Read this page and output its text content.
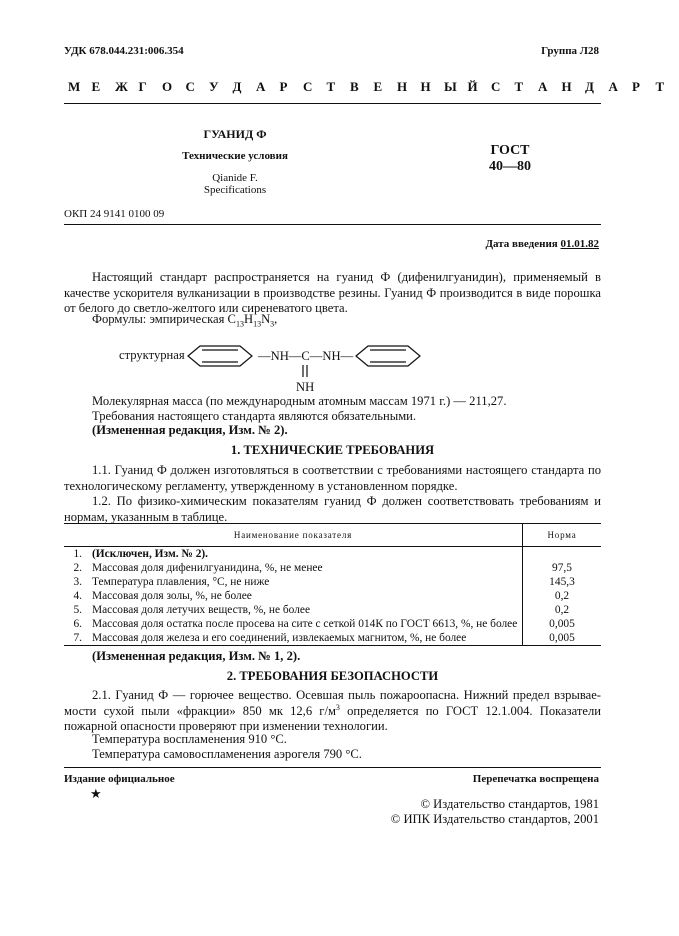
УДК 678.044.231:006.354	Группа Л28
М Е	Ж Г	О	С	У	Д	А	Р	С	Т	В	Е	Н	Н	Ы Й	С	Т	А	Н	Д	А	Р	Т
ГУАНИД Ф
Технические условия
Qianide F.
Specifications
ГОСТ
40—80
ОКП 24 9141 0100 09
Дата введения 01.01.82

Настоящий стандарт распространяется на гуанид Ф (дифенилгуанидин), применяемый в качестве ускорителя вулканизации в производстве резины. Гуанид Ф производится в виде порошка от белого до светло-желтого или сиреневатого цвета.

Формулы: эмпирическая $C_{13}H_{13}N_3$,
структурная	—NH—C—NH—
NH
Молекулярная масса (по международным атомным массам 1971 г.) — 211,27.
Требования настоящего стандарта являются обязательными.
(Измененная редакция, Изм. № 2).
1. ТЕХНИЧЕСКИЕ ТРЕБОВАНИЯ

1.1. Гуанид Ф должен изготовляться в соответствии с требованиями настоящего стандарта по технологическому регламенту, утвержденному в установленном порядке.

1.2. По физико-химическим показателям гуанид Ф должен соответствовать требованиям и нормам, указанным в таблице.

Наименование показателя		Норма
1.	(Исключен, Изм. № 2).	
2.	Массовая доля дифенилгуанидина, %, не менее	97,5
3.	Температура плавления, °С, не ниже	145,3
4.	Массовая доля золы, %, не более	0,2
5.	Массовая доля летучих веществ, %, не более	0,2
6.	Массовая доля остатка после просева на сите с сеткой 014К по ГОСТ 6613, %, не более	0,005
7.	Массовая доля железа и его соединений, извлекаемых магнитом, %, не более	0,005
(Измененная редакция, Изм. № 1, 2).
2. ТРЕБОВАНИЯ БЕЗОПАСНОСТИ

2.1. Гуанид Ф — горючее вещество. Осевшая пыль пожароопасна. Нижний предел взрывае-мости сухой пыли «фракции» 850 мк 12,6 $г/м^3$ определяется по ГОСТ 12.1.004. Показатели пожарной опасности проверяют при изменении технологии.

Температура воспламенения 910 °С.
Температура самовоспламенения аэрогеля 790 °С.
Издание официальное	Перепечатка воспрещена
★
© Издательство стандартов, 1981
© ИПК Издательство стандартов, 2001
